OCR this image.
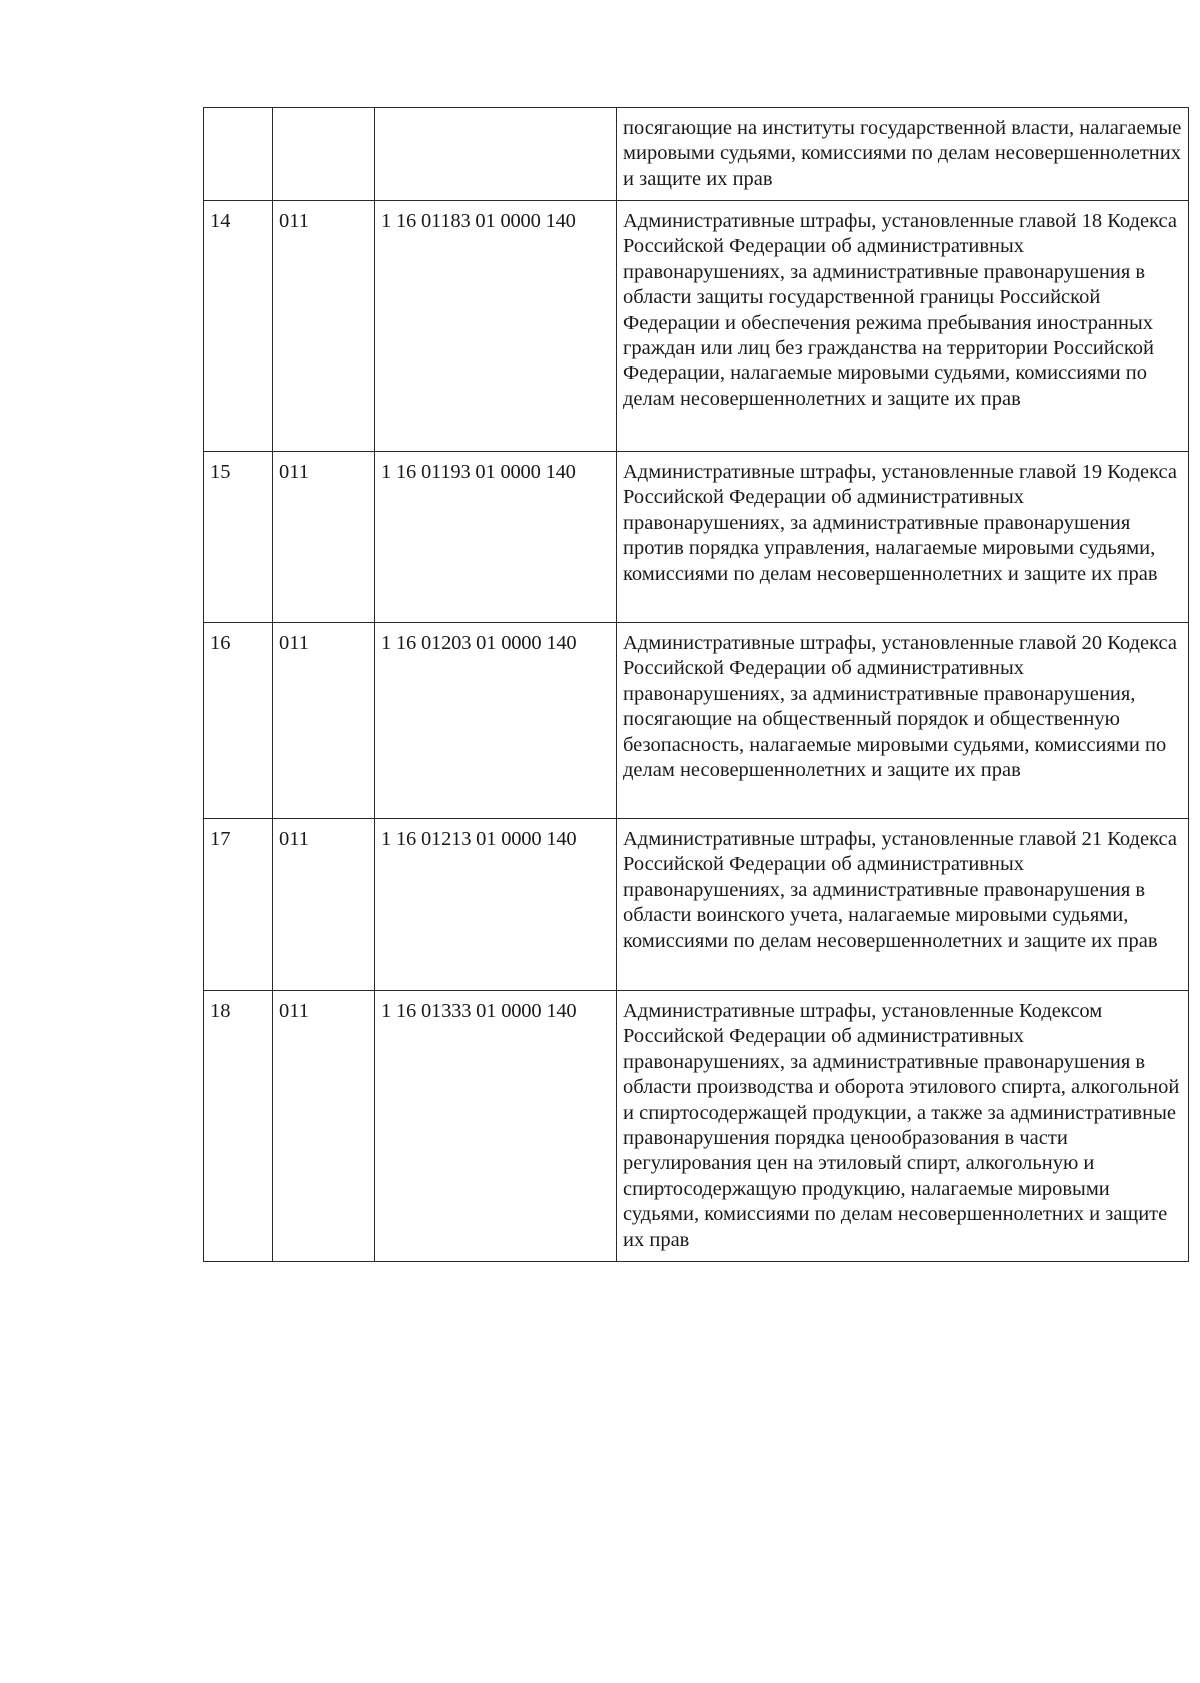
			посягающие на институты государственной власти, налагаемые мировыми судьями, комиссиями по делам несовершеннолетних и защите их прав
14	011	1 16 01183 01 0000 140	Административные штрафы, установленные главой 18 Кодекса Российской Федерации об административных правонарушениях, за административные правонарушения в области защиты государственной границы Российской Федерации и обеспечения режима пребывания иностранных граждан или лиц без гражданства на территории Российской Федерации, налагаемые мировыми судьями, комиссиями по делам несовершеннолетних и защите их прав
15	011	1 16 01193 01 0000 140	Административные штрафы, установленные главой 19 Кодекса Российской Федерации об административных правонарушениях, за административные правонарушения против порядка управления, налагаемые мировыми судьями, комиссиями по делам несовершеннолетних и защите их прав
16	011	1 16 01203 01 0000 140	Административные штрафы, установленные главой 20 Кодекса Российской Федерации об административных правонарушениях, за административные правонарушения, посягающие на общественный порядок и общественную безопасность, налагаемые мировыми судьями, комиссиями по делам несовершеннолетних и защите их прав
17	011	1 16 01213 01 0000 140	Административные штрафы, установленные главой 21 Кодекса Российской Федерации об административных правонарушениях, за административные правонарушения в области воинского учета, налагаемые мировыми судьями, комиссиями по делам несовершеннолетних и защите их прав
18	011	1 16 01333 01 0000 140	Административные штрафы, установленные Кодексом Российской Федерации об административных правонарушениях, за административные правонарушения в области производства и оборота этилового спирта, алкогольной и спиртосодержащей продукции, а также за административные правонарушения порядка ценообразования в части регулирования цен на этиловый спирт, алкогольную и спиртосодержащую продукцию, налагаемые мировыми судьями, комиссиями по делам несовершеннолетних и защите их прав
